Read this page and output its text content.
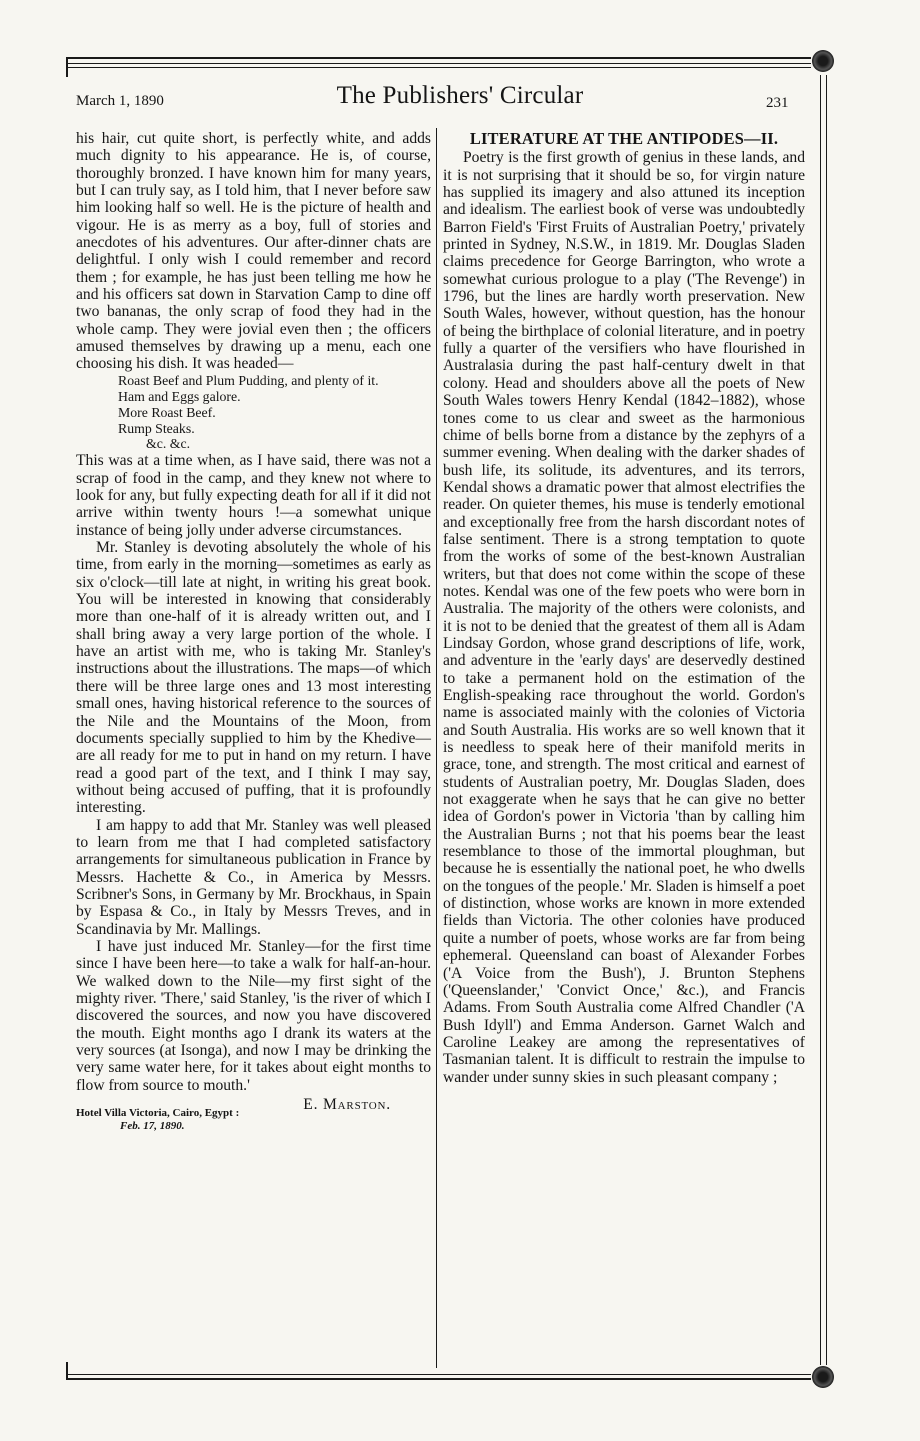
March 1, 1890	The Publishers' Circular	231

his hair, cut quite short, is perfectly white, and adds much dignity to his appearance. He is, of course, thoroughly bronzed. I have known him for many years, but I can truly say, as I told him, that I never before saw him looking half so well. He is the picture of health and vigour. He is as merry as a boy, full of stories and anecdotes of his adventures. Our after-dinner chats are delightful. I only wish I could remember and record them ; for example, he has just been telling me how he and his officers sat down in Starvation Camp to dine off two bananas, the only scrap of food they had in the whole camp. They were jovial even then ; the officers amused themselves by drawing up a menu, each one choosing his dish. It was headed—

Roast Beef and Plum Pudding, and plenty of it.
Ham and Eggs galore.
More Roast Beef.
Rump Steaks.
&c. &c.

This was at a time when, as I have said, there was not a scrap of food in the camp, and they knew not where to look for any, but fully expecting death for all if it did not arrive within twenty hours !—a somewhat unique instance of being jolly under adverse circumstances.

Mr. Stanley is devoting absolutely the whole of his time, from early in the morning—sometimes as early as six o'clock—till late at night, in writing his great book. You will be interested in knowing that considerably more than one-half of it is already written out, and I shall bring away a very large portion of the whole. I have an artist with me, who is taking Mr. Stanley's instructions about the illustrations. The maps—of which there will be three large ones and 13 most interesting small ones, having historical reference to the sources of the Nile and the Mountains of the Moon, from documents specially supplied to him by the Khedive—are all ready for me to put in hand on my return. I have read a good part of the text, and I think I may say, without being accused of puffing, that it is profoundly interesting.

I am happy to add that Mr. Stanley was well pleased to learn from me that I had completed satisfactory arrangements for simultaneous publication in France by Messrs. Hachette & Co., in America by Messrs. Scribner's Sons, in Germany by Mr. Brockhaus, in Spain by Espasa & Co., in Italy by Messrs Treves, and in Scandinavia by Mr. Mallings.

I have just induced Mr. Stanley—for the first time since I have been here—to take a walk for half-an-hour. We walked down to the Nile—my first sight of the mighty river. 'There,' said Stanley, 'is the river of which I discovered the sources, and now you have discovered the mouth. Eight months ago I drank its waters at the very sources (at Isonga), and now I may be drinking the very same water here, for it takes about eight months to flow from source to mouth.'

E. Marston.
Hotel Villa Victoria, Cairo, Egypt :
Feb. 17, 1890.
LITERATURE AT THE ANTIPODES—II.

Poetry is the first growth of genius in these lands, and it is not surprising that it should be so, for virgin nature has supplied its imagery and also attuned its inception and idealism. The earliest book of verse was undoubtedly Barron Field's 'First Fruits of Australian Poetry,' privately printed in Sydney, N.S.W., in 1819. Mr. Douglas Sladen claims precedence for George Barrington, who wrote a somewhat curious prologue to a play ('The Revenge') in 1796, but the lines are hardly worth preservation. New South Wales, however, without question, has the honour of being the birthplace of colonial literature, and in poetry fully a quarter of the versifiers who have flourished in Australasia during the past half-century dwelt in that colony. Head and shoulders above all the poets of New South Wales towers Henry Kendal (1842–1882), whose tones come to us clear and sweet as the harmonious chime of bells borne from a distance by the zephyrs of a summer evening. When dealing with the darker shades of bush life, its solitude, its adventures, and its terrors, Kendal shows a dramatic power that almost electrifies the reader. On quieter themes, his muse is tenderly emotional and exceptionally free from the harsh discordant notes of false sentiment. There is a strong temptation to quote from the works of some of the best-known Australian writers, but that does not come within the scope of these notes. Kendal was one of the few poets who were born in Australia. The majority of the others were colonists, and it is not to be denied that the greatest of them all is Adam Lindsay Gordon, whose grand descriptions of life, work, and adventure in the 'early days' are deservedly destined to take a permanent hold on the estimation of the English-speaking race throughout the world. Gordon's name is associated mainly with the colonies of Victoria and South Australia. His works are so well known that it is needless to speak here of their manifold merits in grace, tone, and strength. The most critical and earnest of students of Australian poetry, Mr. Douglas Sladen, does not exaggerate when he says that he can give no better idea of Gordon's power in Victoria 'than by calling him the Australian Burns ; not that his poems bear the least resemblance to those of the immortal ploughman, but because he is essentially the national poet, he who dwells on the tongues of the people.' Mr. Sladen is himself a poet of distinction, whose works are known in more extended fields than Victoria. The other colonies have produced quite a number of poets, whose works are far from being ephemeral. Queensland can boast of Alexander Forbes ('A Voice from the Bush'), J. Brunton Stephens ('Queenslander,' 'Convict Once,' &c.), and Francis Adams. From South Australia come Alfred Chandler ('A Bush Idyll') and Emma Anderson. Garnet Walch and Caroline Leakey are among the representatives of Tasmanian talent. It is difficult to restrain the impulse to wander under sunny skies in such pleasant company ;
